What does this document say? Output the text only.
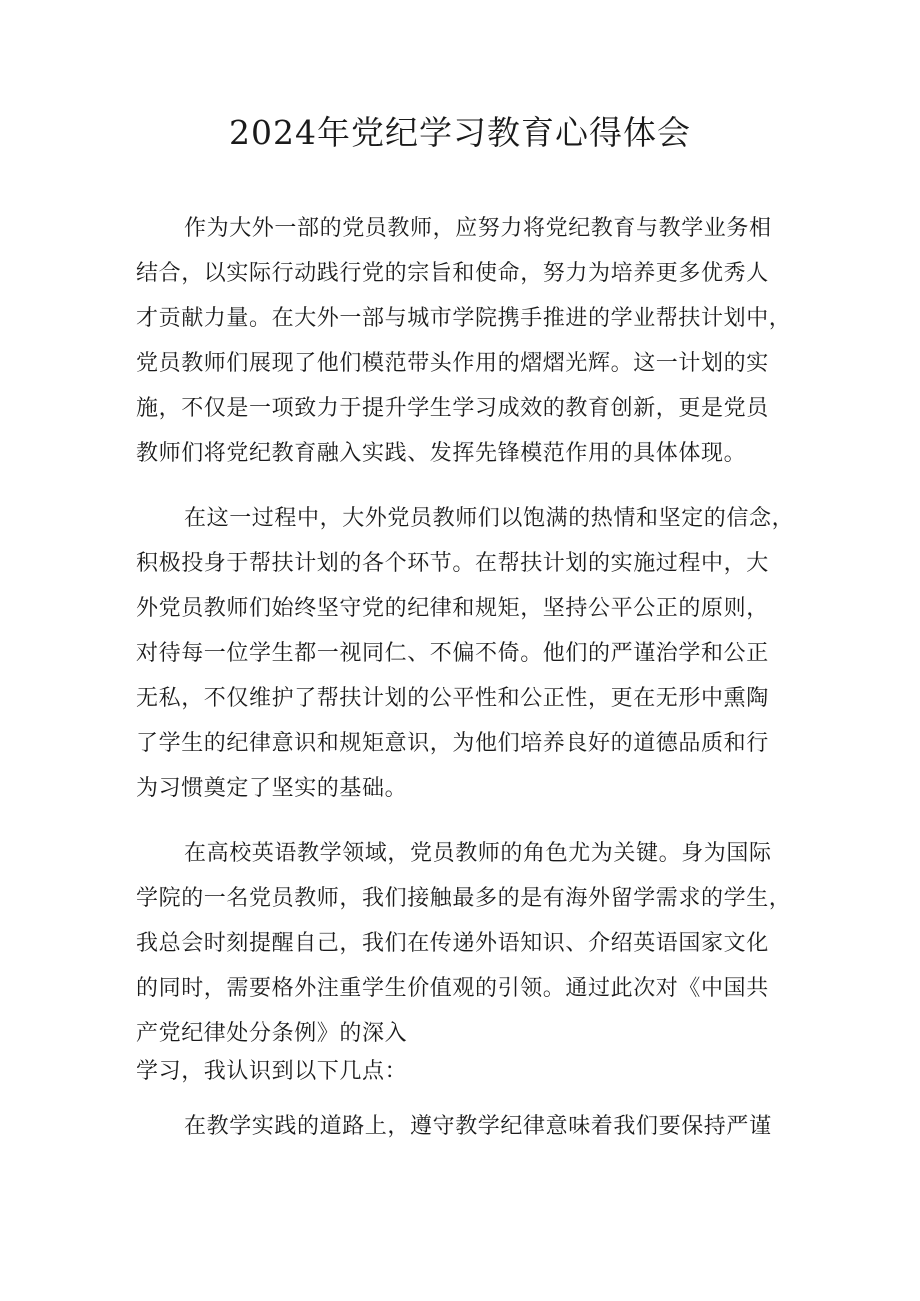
2024年党纪学习教育心得体会
作为大外一部的党员教师，应努力将党纪教育与教学业务相
结合，以实际行动践行党的宗旨和使命，努力为培养更多优秀人
才贡献力量。在大外一部与城市学院携手推进的学业帮扶计划中，
党员教师们展现了他们模范带头作用的熠熠光辉。这一计划的实
施，不仅是一项致力于提升学生学习成效的教育创新，更是党员
教师们将党纪教育融入实践、发挥先锋模范作用的具体体现。
在这一过程中，大外党员教师们以饱满的热情和坚定的信念，
积极投身于帮扶计划的各个环节。在帮扶计划的实施过程中，大
外党员教师们始终坚守党的纪律和规矩，坚持公平公正的原则，
对待每一位学生都一视同仁、不偏不倚。他们的严谨治学和公正
无私，不仅维护了帮扶计划的公平性和公正性，更在无形中熏陶
了学生的纪律意识和规矩意识，为他们培养良好的道德品质和行
为习惯奠定了坚实的基础。
在高校英语教学领域，党员教师的角色尤为关键。身为国际
学院的一名党员教师，我们接触最多的是有海外留学需求的学生，
我总会时刻提醒自己，我们在传递外语知识、介绍英语国家文化
的同时，需要格外注重学生价值观的引领。通过此次对《中国共
产党纪律处分条例》的深入
学习，我认识到以下几点：
在教学实践的道路上，遵守教学纪律意味着我们要保持严谨
